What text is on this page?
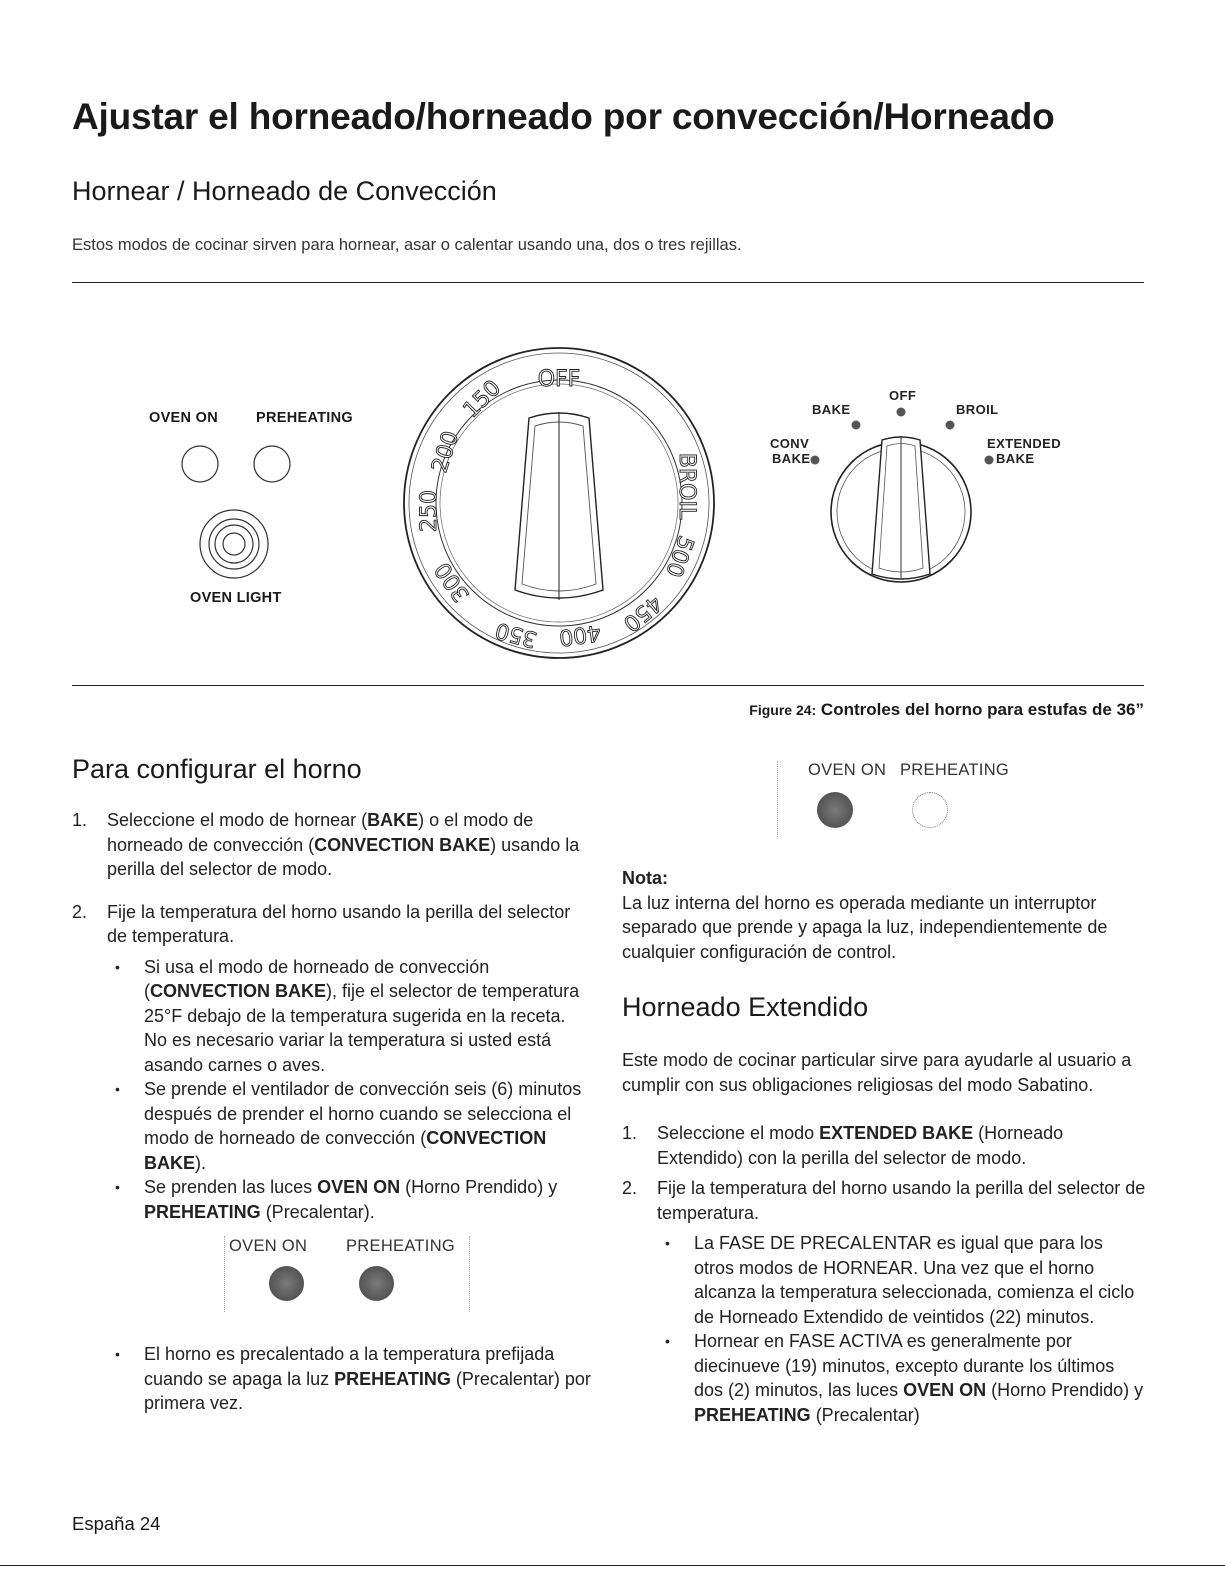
Ajustar el horneado/horneado por convección/Horneado
Hornear / Horneado de Convección
Estos modos de cocinar sirven para hornear, asar o calentar usando una, dos o tres rejillas.
OVEN ON	PREHEATING
OVEN LIGHT
OFF
150
200
250
300
350 400 450
500
BROIL
OFF
BAKE	BROIL
CONV
BAKE
EXTENDED
BAKE
Figure 24: Controles del horno para estufas de 36”
Para configurar el horno
1. Seleccione el modo de hornear (BAKE) o el modo de horneado de convección (CONVECTION BAKE) usando la perilla del selector de modo.
2. Fije la temperatura del horno usando la perilla del selector de temperatura.
• Si usa el modo de horneado de convección (CONVECTION BAKE), fije el selector de temperatura 25°F debajo de la temperatura sugerida en la receta. No es necesario variar la temperatura si usted está asando carnes o aves.
• Se prende el ventilador de convección seis (6) minutos después de prender el horno cuando se selecciona el modo de horneado de convección (CONVECTION BAKE).
• Se prenden las luces OVEN ON (Horno Prendido) y PREHEATING (Precalentar).
OVEN ON PREHEATING
• El horno es precalentado a la temperatura prefijada cuando se apaga la luz PREHEATING (Precalentar) por primera vez.
OVEN ON PREHEATING

Nota:

La luz interna del horno es operada mediante un interruptor separado que prende y apaga la luz, independientemente de cualquier configuración de control.

Horneado Extendido

Este modo de cocinar particular sirve para ayudarle al usuario a cumplir con sus obligaciones religiosas del modo Sabatino.

1. Seleccione el modo EXTENDED BAKE (Horneado Extendido) con la perilla del selector de modo.
2. Fije la temperatura del horno usando la perilla del selector de temperatura.
• La FASE DE PRECALENTAR es igual que para los otros modos de HORNEAR. Una vez que el horno alcanza la temperatura seleccionada, comienza el ciclo de Horneado Extendido de veintidos (22) minutos.
• Hornear en FASE ACTIVA es generalmente por diecinueve (19) minutos, excepto durante los últimos dos (2) minutos, las luces OVEN ON (Horno Prendido) y PREHEATING (Precalentar)
España 24
